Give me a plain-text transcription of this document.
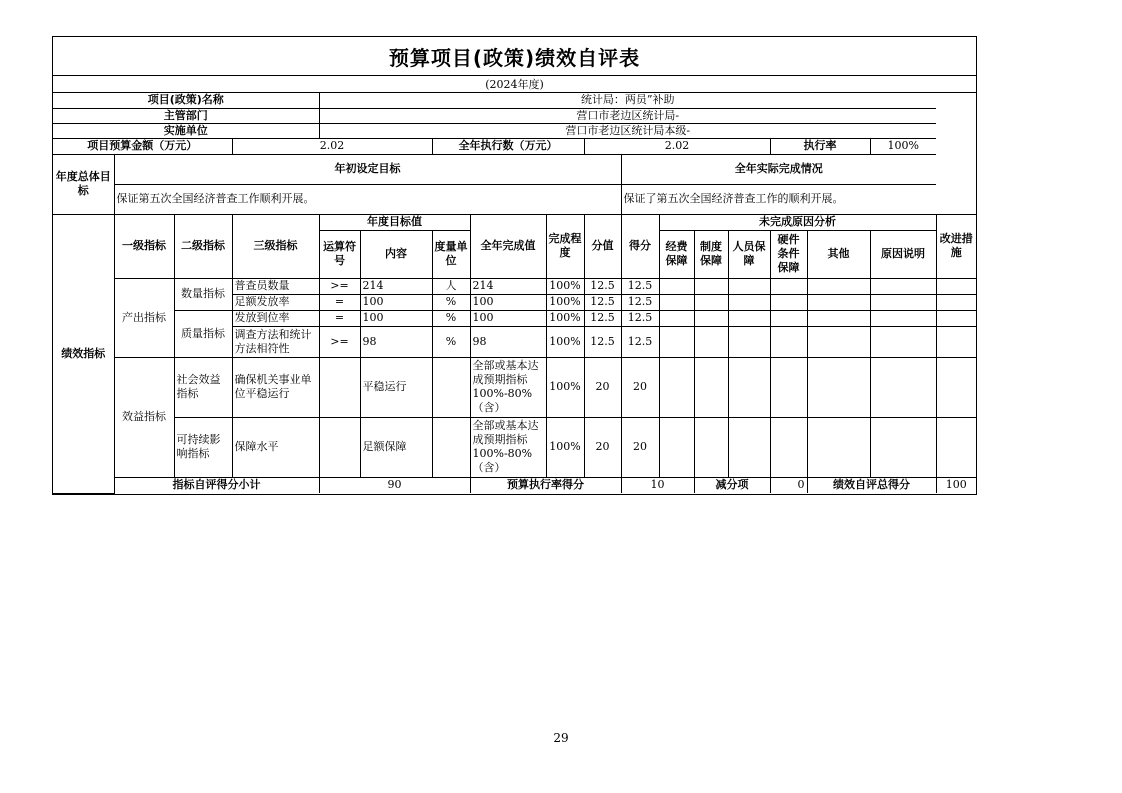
预算项目(政策)绩效自评表
(2024年度)
项目(政策)名称				统计局：两员”补助													
主管部门				营口市老边区统计局-													
实施单位				营口市老边区统计局本级-													
项目预算金额（万元）			2.02			全年执行数（万元）			2.02					执行率		100%	
年度总体目标	年初设定目标									全年实际完成情况							
	保证第五次全国经济普查工作顺利开展。									保证了第五次全国经济普查工作的顺利开展。							
绩效指标	一级指标	二级指标	三级指标	年度目标值			全年完成值	完成程度	分值	得分	未完成原因分析						改进措施
				运算符号	内容	度量单位					经费保障	制度保障	人员保障	硬件条件保障	其他	原因说明	
	产出指标	数量指标	普查员数量	>=	214	人	214	100%	12.5	12.5							
			足额发放率	=	100	%	100	100%	12.5	12.5							
		质量指标	发放到位率	=	100	%	100	100%	12.5	12.5							
			调查方法和统计方法相符性	>=	98	%	98	100%	12.5	12.5							
	效益指标	社会效益指标	确保机关事业单位平稳运行		平稳运行		全部或基本达成预期指标100%-80%（含）	100%	20	20							
		可持续影响指标	保障水平		足额保障		全部或基本达成预期指标100%-80%（含）	100%	20	20							
	指标自评得分小计			90			预算执行率得分			10		减分项		0	绩效自评总得分		100
29
